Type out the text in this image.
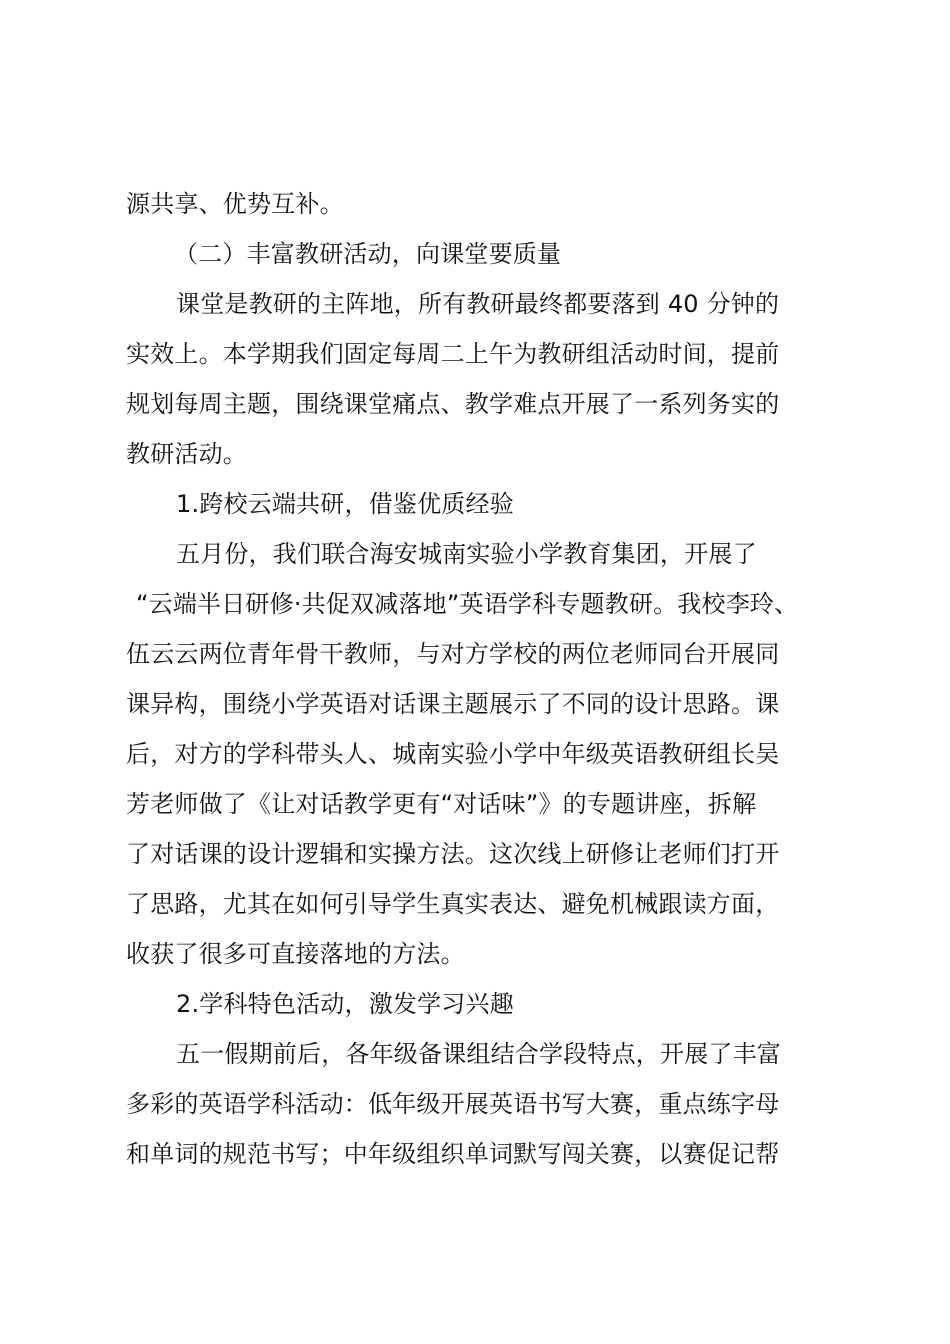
源共享、优势互补。
（二）丰富教研活动，向课堂要质量
课堂是教研的主阵地，所有教研最终都要落到 40 分钟的
实效上。本学期我们固定每周二上午为教研组活动时间，提前
规划每周主题，围绕课堂痛点、教学难点开展了一系列务实的
教研活动。
1.跨校云端共研，借鉴优质经验
五月份，我们联合海安城南实验小学教育集团，开展了
“云端半日研修·共促双减落地”英语学科专题教研。我校李玲、
伍云云两位青年骨干教师，与对方学校的两位老师同台开展同
课异构，围绕小学英语对话课主题展示了不同的设计思路。课
后，对方的学科带头人、城南实验小学中年级英语教研组长吴
芳老师做了《让对话教学更有“对话味”》的专题讲座，拆解
了对话课的设计逻辑和实操方法。这次线上研修让老师们打开
了思路，尤其在如何引导学生真实表达、避免机械跟读方面，
收获了很多可直接落地的方法。
2.学科特色活动，激发学习兴趣
五一假期前后，各年级备课组结合学段特点，开展了丰富
多彩的英语学科活动：低年级开展英语书写大赛，重点练字母
和单词的规范书写；中年级组织单词默写闯关赛，以赛促记帮
